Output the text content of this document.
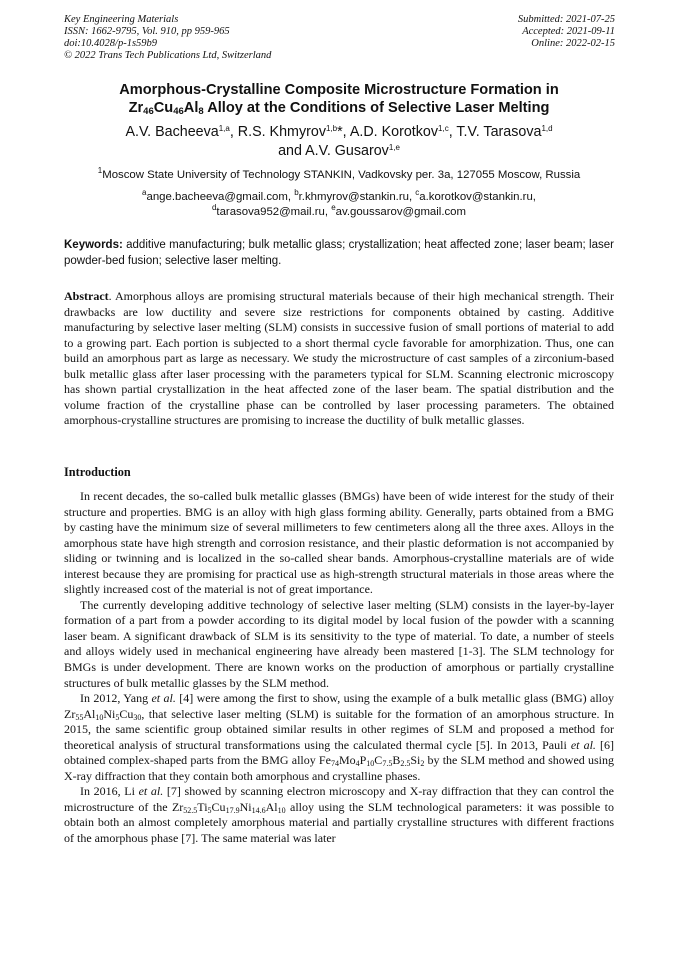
Key Engineering Materials
ISSN: 1662-9795, Vol. 910, pp 959-965
doi:10.4028/p-1s59b9
© 2022 Trans Tech Publications Ltd, Switzerland
Submitted: 2021-07-25
Accepted: 2021-09-11
Online: 2022-02-15
Amorphous-Crystalline Composite Microstructure Formation in
$Zr_{46}Cu_{46}Al_8$ Alloy at the Conditions of Selective Laser Melting
A.V. Bacheeva$^{1,a}$, R.S. Khmyrov$^{1,b}$*, A.D. Korotkov$^{1,c}$, T.V. Tarasova$^{1,d}$
and A.V. Gusarov$^{1,e}$
$^1$Moscow State University of Technology STANKIN, Vadkovsky per. 3a, 127055 Moscow, Russia
$^a$ange.bacheeva@gmail.com, $^b$r.khmyrov@stankin.ru, $^c$a.korotkov@stankin.ru,
$^d$tarasova952@mail.ru, $^e$av.goussarov@gmail.com
Keywords: additive manufacturing; bulk metallic glass; crystallization; heat affected zone; laser beam; laser powder-bed fusion; selective laser melting.

Abstract. Amorphous alloys are promising structural materials because of their high mechanical strength. Their drawbacks are low ductility and severe size restrictions for components obtained by casting. Additive manufacturing by selective laser melting (SLM) consists in successive fusion of small portions of material to add to a growing part. Each portion is subjected to a short thermal cycle favorable for amorphization. Thus, one can build an amorphous part as large as necessary. We study the microstructure of cast samples of a zirconium-based bulk metallic glass after laser processing with the parameters typical for SLM. Scanning electronic microscopy has shown partial crystallization in the heat affected zone of the laser beam. The spatial distribution and the volume fraction of the crystalline phase can be controlled by laser processing parameters. The obtained amorphous-crystalline structures are promising to increase the ductility of bulk metallic glasses.

Introduction

In recent decades, the so-called bulk metallic glasses (BMGs) have been of wide interest for the study of their structure and properties. BMG is an alloy with high glass forming ability. Generally, parts obtained from a BMG by casting have the minimum size of several millimeters to few centimeters along all the three axes. Alloys in the amorphous state have high strength and corrosion resistance, and their plastic deformation is not accompanied by sliding or twinning and is localized in the so-called shear bands. Amorphous-crystalline materials are of wide interest because they are promising for practical use as high-strength structural materials in those areas where the slightly increased cost of the material is not of great importance.

The currently developing additive technology of selective laser melting (SLM) consists in the layer-by-layer formation of a part from a powder according to its digital model by local fusion of the powder with a scanning laser beam. A significant drawback of SLM is its sensitivity to the type of material. To date, a number of steels and alloys widely used in mechanical engineering have already been mastered [1-3]. The SLM technology for BMGs is under development. There are known works on the production of amorphous or partially crystalline structures of bulk metallic glasses by the SLM method.

In 2012, Yang et al. [4] were among the first to show, using the example of a bulk metallic glass (BMG) alloy $Zr_{55}Al_{10}Ni_5Cu_{30}$, that selective laser melting (SLM) is suitable for the formation of an amorphous structure. In 2015, the same scientific group obtained similar results in other regimes of SLM and proposed a method for theoretical analysis of structural transformations using the calculated thermal cycle [5]. In 2013, Pauli et al. [6] obtained complex-shaped parts from the BMG alloy $Fe_{74}Mo_4P_{10}C_{7.5}B_{2.5}Si_2$ by the SLM method and showed using X-ray diffraction that they contain both amorphous and crystalline phases.

In 2016, Li et al. [7] showed by scanning electron microscopy and X-ray diffraction that they can control the microstructure of the $Zr_{52.5}Ti_5Cu_{17.9}Ni_{14.6}Al_{10}$ alloy using the SLM technological parameters: it was possible to obtain both an almost completely amorphous material and partially crystalline structures with different fractions of the amorphous phase [7]. The same material was later
